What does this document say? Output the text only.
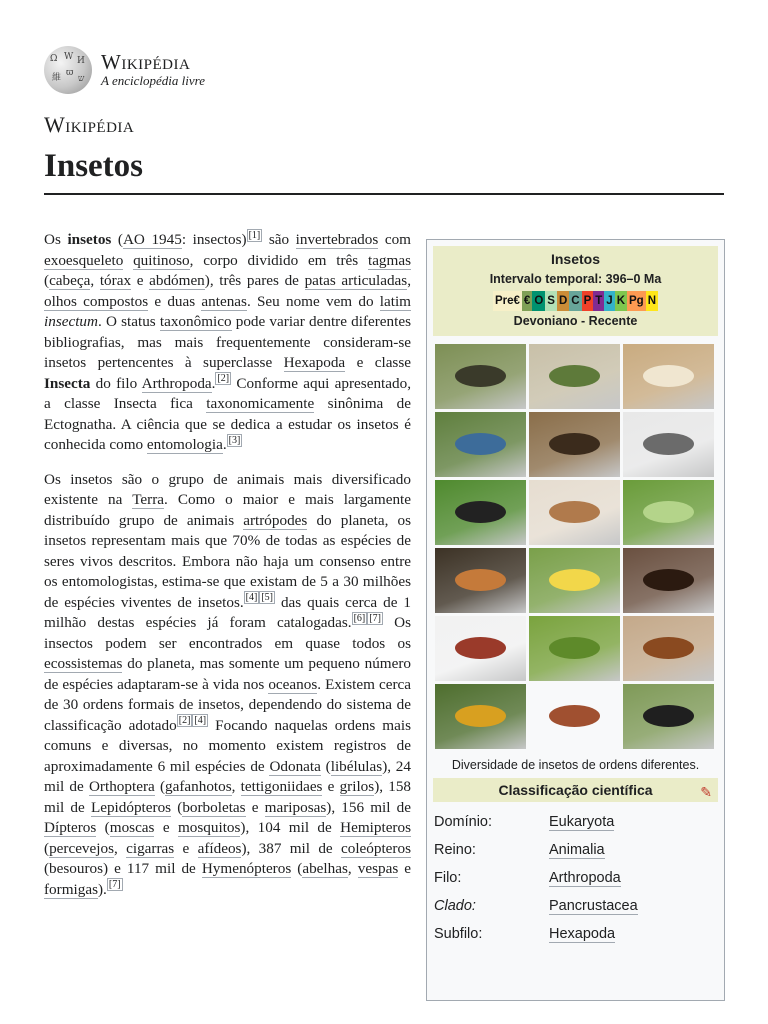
Ω W И
維 ϖ
ש
Wikipédia
A enciclopédia livre
Wikipédia
Insetos

Os insetos (AO 1945: insectos) [1] são invertebrados com exoesqueleto quitinoso, corpo dividido em três tagmas (cabeça, tórax e abdómen), três pares de patas articuladas, olhos compostos e duas antenas. Seu nome vem do latim insectum. O status taxonômico pode variar dentre diferentes bibliografias, mas mais frequentemente consideram-se insetos pertencentes à superclasse Hexapoda e classe Insecta do filo Arthropoda. [2] Conforme aqui apresentado, a classe Insecta fica taxonomicamente sinônima de Ectognatha. A ciência que se dedica a estudar os insetos é conhecida como entomologia. [3]

Os insetos são o grupo de animais mais diversificado existente na Terra. Como o maior e mais largamente distribuído grupo de animais artrópodes do planeta, os insetos representam mais que 70% de todas as espécies de seres vivos descritos. Embora não haja um consenso entre os entomologistas, estima-se que existam de 5 a 30 milhões de espécies viventes de insetos. [4] [5] das quais cerca de 1 milhão destas espécies já foram catalogadas. [6] [7] Os insectos podem ser encontrados em quase todos os ecossistemas do planeta, mas somente um pequeno número de espécies adaptaram-se à vida nos oceanos. Existem cerca de 30 ordens formais de insetos, dependendo do sistema de classificação adotado [2] [4] Focando naquelas ordens mais comuns e diversas, no momento existem registros de aproximadamente 6 mil espécies de Odonata (libélulas), 24 mil de Orthoptera (gafanhotos, tettigoniidaes e grilos), 158 mil de Lepidópteros (borboletas e mariposas), 156 mil de Dípteros (moscas e mosquitos), 104 mil de Hemipteros (percevejos, cigarras e afídeos), 387 mil de coleópteros (besouros) e 117 mil de Hymenópteros (abelhas, vespas e formigas). [7]

Insetos
Intervalo temporal: 396–0 Ma
Pre€ € O S D C P T J K Pg N
Devoniano - Recente
Diversidade de insetos de ordens diferentes.
Classificação científica	✎
Domínio:	Eukaryota
Reino:	Animalia
Filo:	Arthropoda
Clado:	Pancrustacea
Subfilo:	Hexapoda
